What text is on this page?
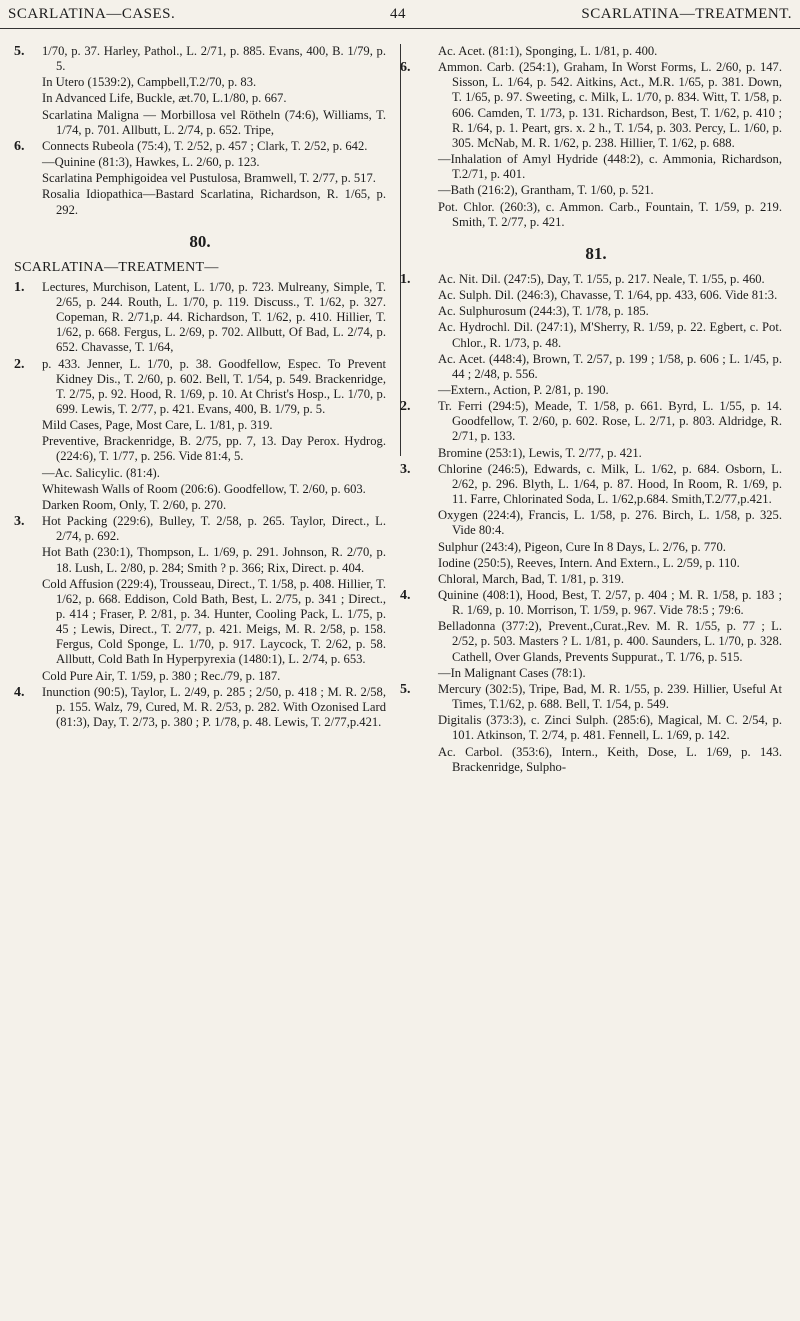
SCARLATINA—CASES.	44	SCARLATINA—TREATMENT.
5.	1/70, p. 37. Harley, Pathol., L. 2/71, p. 885. Evans, 400, B. 1/79, p. 5.
In Utero (1539:2), Campbell,T.2/70, p. 83.
In Advanced Life, Buckle, æt.70, L.1/80, p. 667.
Scarlatina Maligna — Morbillosa vel Rötheln (74:6), Williams, T. 1/74, p. 701. Allbutt, L. 2/74, p. 652. Tripe,
6.	Connects Rubeola (75:4), T. 2/52, p. 457 ; Clark, T. 2/52, p. 642.
—Quinine (81:3), Hawkes, L. 2/60, p. 123.
Scarlatina Pemphigoidea vel Pustulosa, Bramwell, T. 2/77, p. 517.
Rosalia Idiopathica—Bastard Scarlatina, Richardson, R. 1/65, p. 292.
80.
SCARLATINA—TREATMENT—
1.	Lectures, Murchison, Latent, L. 1/70, p. 723. Mulreany, Simple, T. 2/65, p. 244. Routh, L. 1/70, p. 119. Discuss., T. 1/62, p. 327. Copeman, R. 2/71,p. 44. Richardson, T. 1/62, p. 410. Hillier, T. 1/62, p. 668. Fergus, L. 2/69, p. 702. Allbutt, Of Bad, L. 2/74, p. 652. Chavasse, T. 1/64,
2.	p. 433. Jenner, L. 1/70, p. 38. Goodfellow, Espec. To Prevent Kidney Dis., T. 2/60, p. 602. Bell, T. 1/54, p. 549. Brackenridge, T. 2/75, p. 92. Hood, R. 1/69, p. 10. At Christ's Hosp., L. 1/70, p. 699. Lewis, T. 2/77, p. 421. Evans, 400, B. 1/79, p. 5.
Mild Cases, Page, Most Care, L. 1/81, p. 319.
Preventive, Brackenridge, B. 2/75, pp. 7, 13. Day Perox. Hydrog. (224:6), T. 1/77, p. 256. Vide 81:4, 5.
—Ac. Salicylic. (81:4).
Whitewash Walls of Room (206:6). Goodfellow, T. 2/60, p. 603.
Darken Room, Only, T. 2/60, p. 270.
3.	Hot Packing (229:6), Bulley, T. 2/58, p. 265. Taylor, Direct., L. 2/74, p. 692.
Hot Bath (230:1), Thompson, L. 1/69, p. 291. Johnson, R. 2/70, p. 18. Lush, L. 2/80, p. 284; Smith ? p. 366; Rix, Direct. p. 404.
Cold Affusion (229:4), Trousseau, Direct., T. 1/58, p. 408. Hillier, T. 1/62, p. 668. Eddison, Cold Bath, Best, L. 2/75, p. 341 ; Direct., p. 414 ; Fraser, P. 2/81, p. 34. Hunter, Cooling Pack, L. 1/75, p. 45 ; Lewis, Direct., T. 2/77, p. 421. Meigs, M. R. 2/58, p. 158. Fergus, Cold Sponge, L. 1/70, p. 917. Laycock, T. 2/62, p. 58. Allbutt, Cold Bath In Hyperpyrexia (1480:1), L. 2/74, p. 653.
Cold Pure Air, T. 1/59, p. 380 ; Rec./79, p. 187.
4.	Inunction (90:5), Taylor, L. 2/49, p. 285 ; 2/50, p. 418 ; M. R. 2/58, p. 155. Walz, 79, Cured, M. R. 2/53, p. 282. With Ozonised Lard (81:3), Day, T. 2/73, p. 380 ; P. 1/78, p. 48. Lewis, T. 2/77,p.421.
Ac. Acet. (81:1), Sponging, L. 1/81, p. 400.
6.	Ammon. Carb. (254:1), Graham, In Worst Forms, L. 2/60, p. 147. Sisson, L. 1/64, p. 542. Aitkins, Act., M.R. 1/65, p. 381. Down, T. 1/65, p. 97. Sweeting, c. Milk, L. 1/70, p. 834. Witt, T. 1/58, p. 606. Camden, T. 1/73, p. 131. Richardson, Best, T. 1/62, p. 410 ; R. 1/64, p. 1. Peart, grs. x. 2 h., T. 1/54, p. 303. Percy, L. 1/60, p. 305. McNab, M. R. 1/62, p. 238. Hillier, T. 1/62, p. 688.
—Inhalation of Amyl Hydride (448:2), c. Ammonia, Richardson, T.2/71, p. 401.
—Bath (216:2), Grantham, T. 1/60, p. 521.
Pot. Chlor. (260:3), c. Ammon. Carb., Fountain, T. 1/59, p. 219. Smith, T. 2/77, p. 421.
81.
1.	Ac. Nit. Dil. (247:5), Day, T. 1/55, p. 217. Neale, T. 1/55, p. 460.
Ac. Sulph. Dil. (246:3), Chavasse, T. 1/64, pp. 433, 606. Vide 81:3.
Ac. Sulphurosum (244:3), T. 1/78, p. 185.
Ac. Hydrochl. Dil. (247:1), M'Sherry, R. 1/59, p. 22. Egbert, c. Pot. Chlor., R. 1/73, p. 48.
Ac. Acet. (448:4), Brown, T. 2/57, p. 199 ; 1/58, p. 606 ; L. 1/45, p. 44 ; 2/48, p. 556.
—Extern., Action, P. 2/81, p. 190.
2.	Tr. Ferri (294:5), Meade, T. 1/58, p. 661. Byrd, L. 1/55, p. 14. Goodfellow, T. 2/60, p. 602. Rose, L. 2/71, p. 803. Aldridge, R. 2/71, p. 133.
Bromine (253:1), Lewis, T. 2/77, p. 421.
3.	Chlorine (246:5), Edwards, c. Milk, L. 1/62, p. 684. Osborn, L. 2/62, p. 296. Blyth, L. 1/64, p. 87. Hood, In Room, R. 1/69, p. 11. Farre, Chlorinated Soda, L. 1/62,p.684. Smith,T.2/77,p.421.
Oxygen (224:4), Francis, L. 1/58, p. 276. Birch, L. 1/58, p. 325. Vide 80:4.
Sulphur (243:4), Pigeon, Cure In 8 Days, L. 2/76, p. 770.
Iodine (250:5), Reeves, Intern. And Extern., L. 2/59, p. 110.
Chloral, March, Bad, T. 1/81, p. 319.
4.	Quinine (408:1), Hood, Best, T. 2/57, p. 404 ; M. R. 1/58, p. 183 ; R. 1/69, p. 10. Morrison, T. 1/59, p. 967. Vide 78:5 ; 79:6.
Belladonna (377:2), Prevent.,Curat.,Rev. M. R. 1/55, p. 77 ; L. 2/52, p. 503. Masters ? L. 1/81, p. 400. Saunders, L. 1/70, p. 328. Cathell, Over Glands, Prevents Suppurat., T. 1/76, p. 515.
—In Malignant Cases (78:1).
5.	Mercury (302:5), Tripe, Bad, M. R. 1/55, p. 239. Hillier, Useful At Times, T.1/62, p. 688. Bell, T. 1/54, p. 549.
Digitalis (373:3), c. Zinci Sulph. (285:6), Magical, M. C. 2/54, p. 101. Atkinson, T. 2/74, p. 481. Fennell, L. 1/69, p. 142.
Ac. Carbol. (353:6), Intern., Keith, Dose, L. 1/69, p. 143. Brackenridge, Sulpho-
